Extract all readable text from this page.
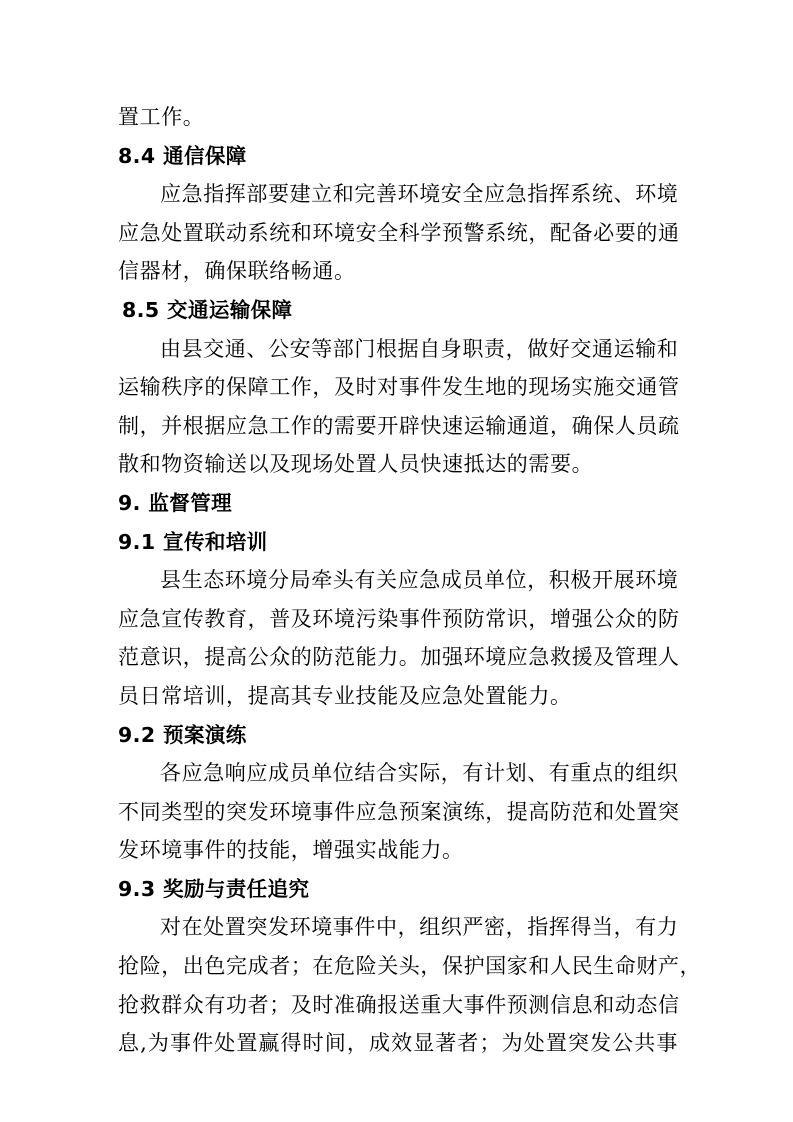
置工作。
8.4 通信保障
应急指挥部要建立和完善环境安全应急指挥系统、环境
应急处置联动系统和环境安全科学预警系统，配备必要的通
信器材，确保联络畅通。
8.5 交通运输保障
由县交通、公安等部门根据自身职责，做好交通运输和
运输秩序的保障工作，及时对事件发生地的现场实施交通管
制，并根据应急工作的需要开辟快速运输通道，确保人员疏
散和物资输送以及现场处置人员快速抵达的需要。
9. 监督管理
9.1 宣传和培训
县生态环境分局牵头有关应急成员单位，积极开展环境
应急宣传教育，普及环境污染事件预防常识，增强公众的防
范意识，提高公众的防范能力。加强环境应急救援及管理人
员日常培训，提高其专业技能及应急处置能力。
9.2 预案演练
各应急响应成员单位结合实际，有计划、有重点的组织
不同类型的突发环境事件应急预案演练，提高防范和处置突
发环境事件的技能，增强实战能力。
9.3 奖励与责任追究
对在处置突发环境事件中，组织严密，指挥得当，有力
抢险，出色完成者；在危险关头，保护国家和人民生命财产，
抢救群众有功者；及时准确报送重大事件预测信息和动态信
息,为事件处置赢得时间，成效显著者；为处置突发公共事
